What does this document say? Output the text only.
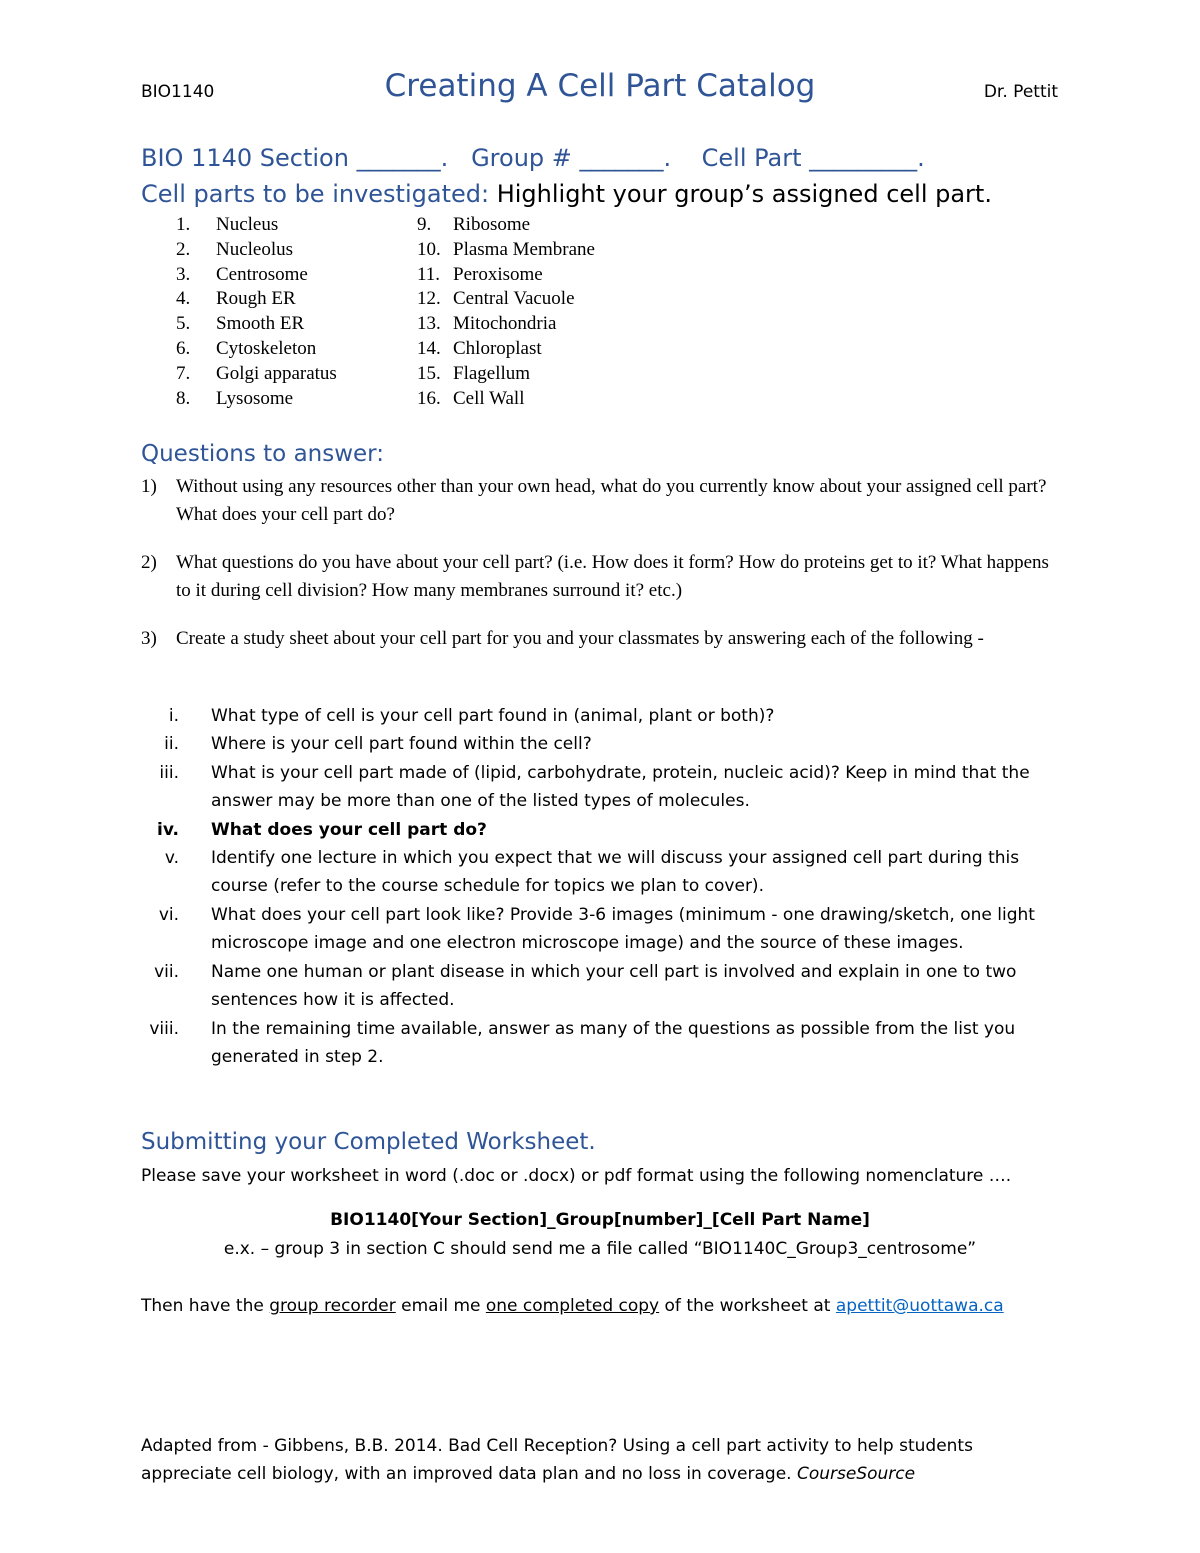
BIO1140	Creating A Cell Part Catalog	Dr. Pettit
BIO 1140 Section _______.   Group # _______.    Cell Part _________.
Cell parts to be investigated: Highlight your group’s assigned cell part.
1.	Nucleus
2.	Nucleolus
3.	Centrosome
4.	Rough ER
5.	Smooth ER
6.	Cytoskeleton
7.	Golgi apparatus
8.	Lysosome
9.	Ribosome
10. Plasma Membrane
11. Peroxisome
12. Central Vacuole
13. Mitochondria
14. Chloroplast
15. Flagellum
16. Cell Wall
Questions to answer:
1) Without using any resources other than your own head, what do you currently know about your assigned cell part? What does your cell part do?
2) What questions do you have about your cell part? (i.e. How does it form? How do proteins get to it? What happens to it during cell division? How many membranes surround it? etc.)
3) Create a study sheet about your cell part for you and your classmates by answering each of the following -
i. What type of cell is your cell part found in (animal, plant or both)?
ii. Where is your cell part found within the cell?
iii. What is your cell part made of (lipid, carbohydrate, protein, nucleic acid)? Keep in mind that the answer may be more than one of the listed types of molecules.
iv. What does your cell part do?
v. Identify one lecture in which you expect that we will discuss your assigned cell part during this course (refer to the course schedule for topics we plan to cover).
vi. What does your cell part look like? Provide 3-6 images (minimum - one drawing/sketch, one light microscope image and one electron microscope image) and the source of these images.
vii. Name one human or plant disease in which your cell part is involved and explain in one to two sentences how it is affected.
viii. In the remaining time available, answer as many of the questions as possible from the list you generated in step 2.
Submitting your Completed Worksheet.
Please save your worksheet in word (.doc or .docx) or pdf format using the following nomenclature ….
BIO1140[Your Section]_Group[number]_[Cell Part Name]
e.x. – group 3 in section C should send me a file called “BIO1140C_Group3_centrosome”
Then have the group recorder email me one completed copy of the worksheet at apettit@uottawa.ca
Adapted from - Gibbens, B.B. 2014. Bad Cell Reception? Using a cell part activity to help students appreciate cell biology, with an improved data plan and no loss in coverage. CourseSource
